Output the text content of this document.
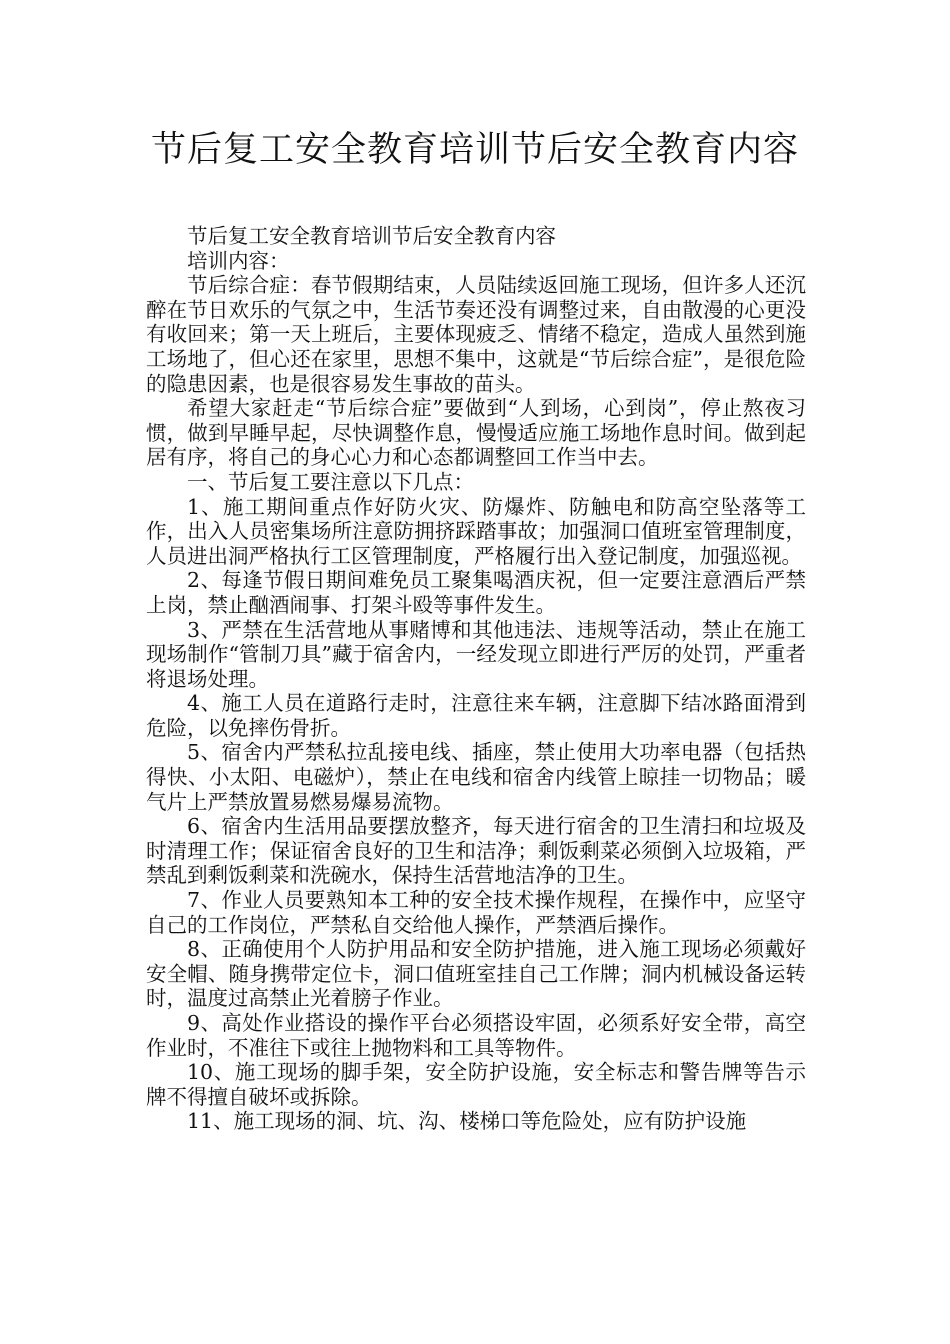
节后复工安全教育培训节后安全教育内容

节后复工安全教育培训节后安全教育内容

培训内容：

节后综合症：春节假期结束，人员陆续返回施工现场，但许多人还沉醉在节日欢乐的气氛之中，生活节奏还没有调整过来，自由散漫的心更没有收回来；第一天上班后，主要体现疲乏、情绪不稳定，造成人虽然到施工场地了，但心还在家里，思想不集中，这就是“节后综合症”，是很危险的隐患因素，也是很容易发生事故的苗头。

希望大家赶走“节后综合症”要做到“人到场，心到岗”，停止熬夜习惯，做到早睡早起，尽快调整作息，慢慢适应施工场地作息时间。做到起居有序，将自己的身心心力和心态都调整回工作当中去。

一、节后复工要注意以下几点：

1、施工期间重点作好防火灾、防爆炸、防触电和防高空坠落等工作，出入人员密集场所注意防拥挤踩踏事故；加强洞口值班室管理制度，人员进出洞严格执行工区管理制度，严格履行出入登记制度，加强巡视。

2、每逢节假日期间难免员工聚集喝酒庆祝，但一定要注意酒后严禁上岗，禁止酗酒闹事、打架斗殴等事件发生。

3、严禁在生活营地从事赌博和其他违法、违规等活动，禁止在施工现场制作“管制刀具”藏于宿舍内，一经发现立即进行严厉的处罚，严重者将退场处理。

4、施工人员在道路行走时，注意往来车辆，注意脚下结冰路面滑到危险，以免摔伤骨折。

5、宿舍内严禁私拉乱接电线、插座，禁止使用大功率电器（包括热得快、小太阳、电磁炉），禁止在电线和宿舍内线管上晾挂一切物品；暖气片上严禁放置易燃易爆易流物。

6、宿舍内生活用品要摆放整齐，每天进行宿舍的卫生清扫和垃圾及时清理工作；保证宿舍良好的卫生和洁净；剩饭剩菜必须倒入垃圾箱，严禁乱到剩饭剩菜和洗碗水，保持生活营地洁净的卫生。

7、作业人员要熟知本工种的安全技术操作规程，在操作中，应坚守自己的工作岗位，严禁私自交给他人操作，严禁酒后操作。

8、正确使用个人防护用品和安全防护措施，进入施工现场必须戴好安全帽、随身携带定位卡，洞口值班室挂自己工作牌；洞内机械设备运转时，温度过高禁止光着膀子作业。

9、高处作业搭设的操作平台必须搭设牢固，必须系好安全带，高空作业时，不准往下或往上抛物料和工具等物件。

10、施工现场的脚手架，安全防护设施，安全标志和警告牌等告示牌不得擅自破坏或拆除。

11、施工现场的洞、坑、沟、楼梯口等危险处，应有防护设施
